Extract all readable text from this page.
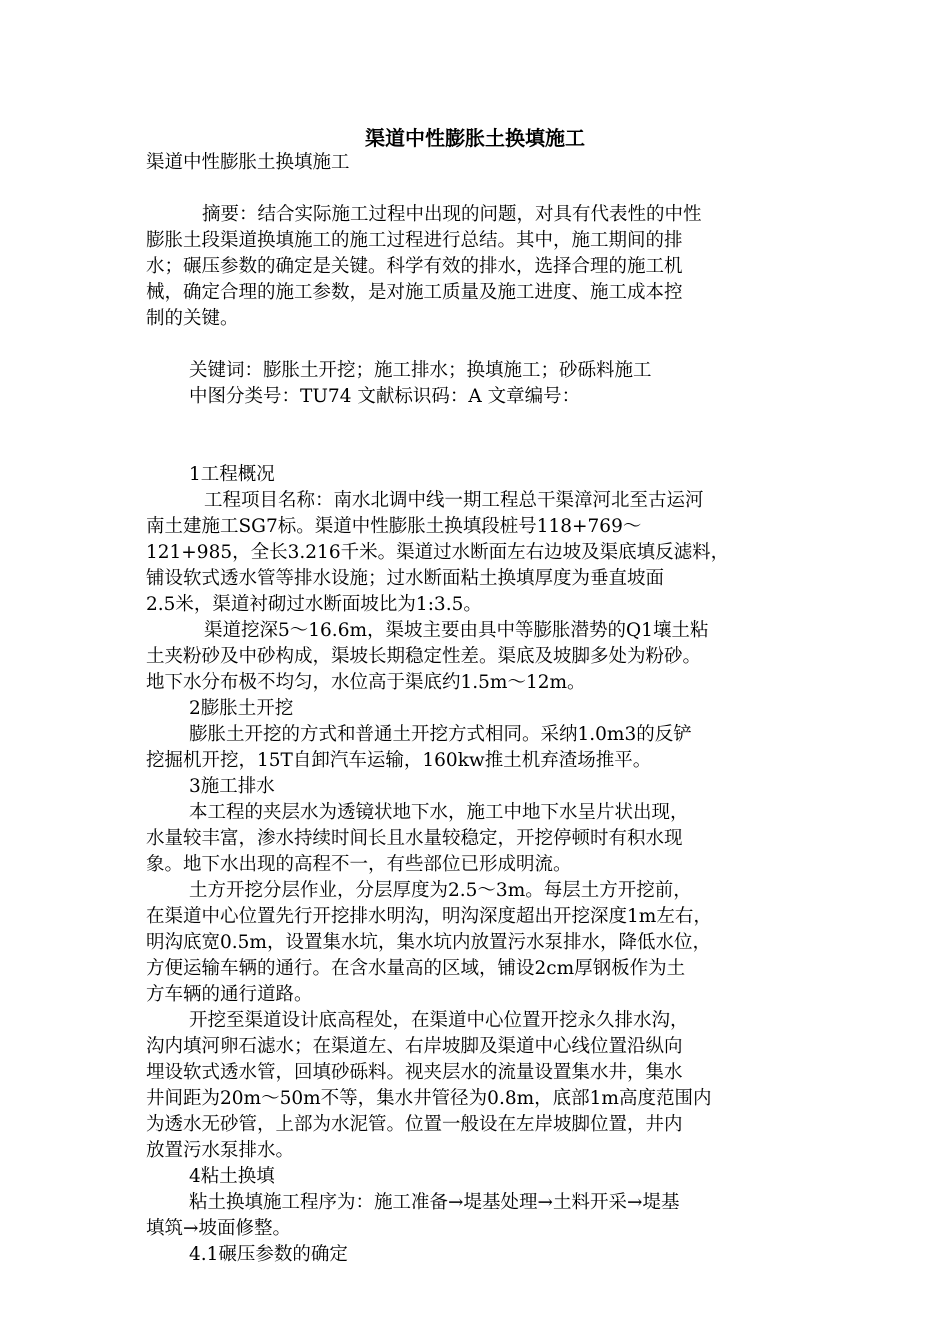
渠道中性膨胀土换填施工
渠道中性膨胀土换填施工
摘要：结合实际施工过程中出现的问题，对具有代表性的中性
膨胀土段渠道换填施工的施工过程进行总结。其中，施工期间的排
水；碾压参数的确定是关键。科学有效的排水，选择合理的施工机
械，确定合理的施工参数，是对施工质量及施工进度、施工成本控
制的关键。
关键词：膨胀土开挖；施工排水；换填施工；砂砾料施工
中图分类号：TU74 文献标识码：A 文章编号：
1工程概况
工程项目名称：南水北调中线一期工程总干渠漳河北至古运河
南土建施工SG7标。渠道中性膨胀土换填段桩号118+769～
121+985，全长3.216千米。渠道过水断面左右边坡及渠底填反滤料，
铺设软式透水管等排水设施；过水断面粘土换填厚度为垂直坡面
2.5米，渠道衬砌过水断面坡比为1:3.5。
渠道挖深5～16.6m，渠坡主要由具中等膨胀潜势的Q1壤土粘
土夹粉砂及中砂构成，渠坡长期稳定性差。渠底及坡脚多处为粉砂。
地下水分布极不均匀，水位高于渠底约1.5m～12m。
2膨胀土开挖
膨胀土开挖的方式和普通土开挖方式相同。采纳1.0m3的反铲
挖掘机开挖，15T自卸汽车运输，160kw推土机弃渣场推平。
3施工排水
本工程的夹层水为透镜状地下水，施工中地下水呈片状出现，
水量较丰富，渗水持续时间长且水量较稳定，开挖停顿时有积水现
象。地下水出现的高程不一，有些部位已形成明流。
土方开挖分层作业，分层厚度为2.5～3m。每层土方开挖前，
在渠道中心位置先行开挖排水明沟，明沟深度超出开挖深度1m左右，
明沟底宽0.5m，设置集水坑，集水坑内放置污水泵排水，降低水位，
方便运输车辆的通行。在含水量高的区域，铺设2cm厚钢板作为土
方车辆的通行道路。
开挖至渠道设计底高程处，在渠道中心位置开挖永久排水沟，
沟内填河卵石滤水；在渠道左、右岸坡脚及渠道中心线位置沿纵向
埋设软式透水管，回填砂砾料。视夹层水的流量设置集水井，集水
井间距为20m～50m不等，集水井管径为0.8m，底部1m高度范围内
为透水无砂管，上部为水泥管。位置一般设在左岸坡脚位置，井内
放置污水泵排水。
4粘土换填
粘土换填施工程序为：施工准备→堤基处理→土料开采→堤基
填筑→坡面修整。
4.1碾压参数的确定
